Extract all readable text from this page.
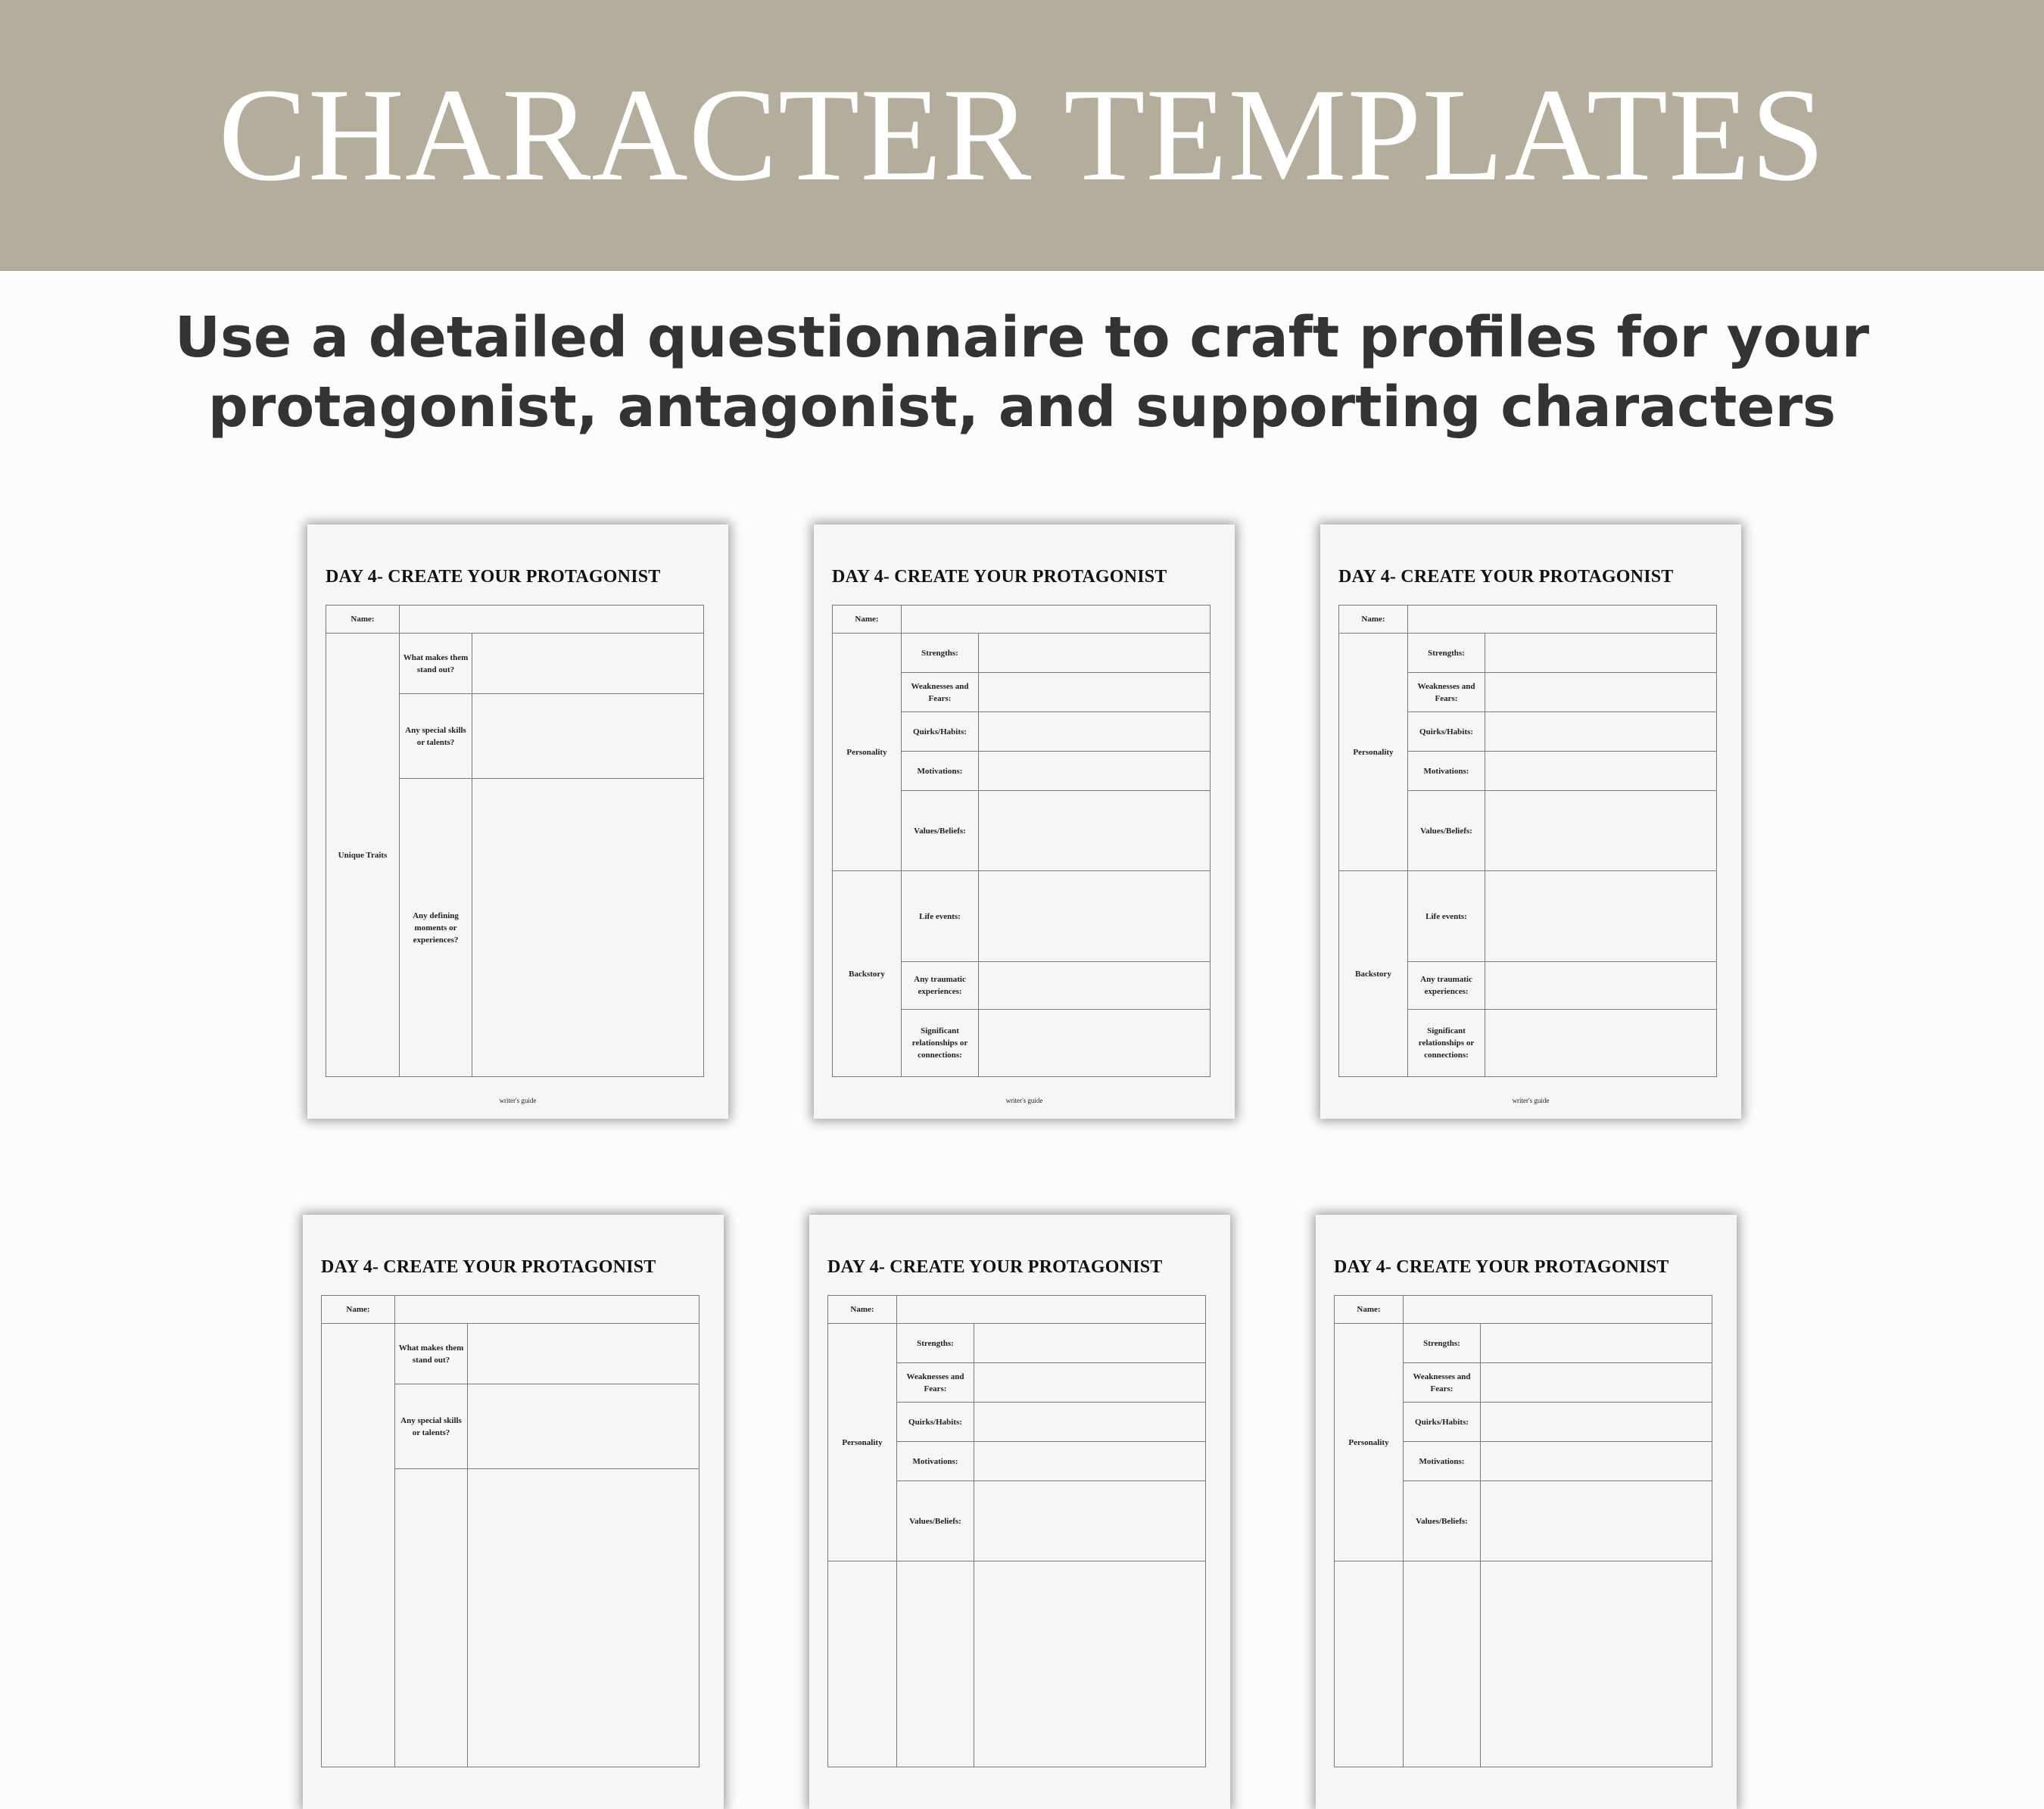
CHARACTER TEMPLATES
Use a detailed questionnaire to craft profiles for your
protagonist, antagonist, and supporting characters
DAY 4- CREATE YOUR PROTAGONIST
Name:
Unique Traits
What makes them stand out?
Any special skills or talents?
Any defining moments or experiences?
writer's guide
DAY 4- CREATE YOUR PROTAGONIST
Name:
Personality
Backstory
Strengths:
Weaknesses and Fears:
Quirks/Habits:
Motivations:
Values/Beliefs:
Life events:
Any traumatic experiences:
Significant relationships or connections:
writer's guide
DAY 4- CREATE YOUR PROTAGONIST
Name:
Personality
Backstory
Strengths:
Weaknesses and Fears:
Quirks/Habits:
Motivations:
Values/Beliefs:
Life events:
Any traumatic experiences:
Significant relationships or connections:
writer's guide
DAY 4- CREATE YOUR PROTAGONIST
Name:
What makes them stand out?
Any special skills or talents?
DAY 4- CREATE YOUR PROTAGONIST
Name:
Personality
Strengths:
Weaknesses and Fears:
Quirks/Habits:
Motivations:
Values/Beliefs:
DAY 4- CREATE YOUR PROTAGONIST
Name:
Personality
Strengths:
Weaknesses and Fears:
Quirks/Habits:
Motivations:
Values/Beliefs:
